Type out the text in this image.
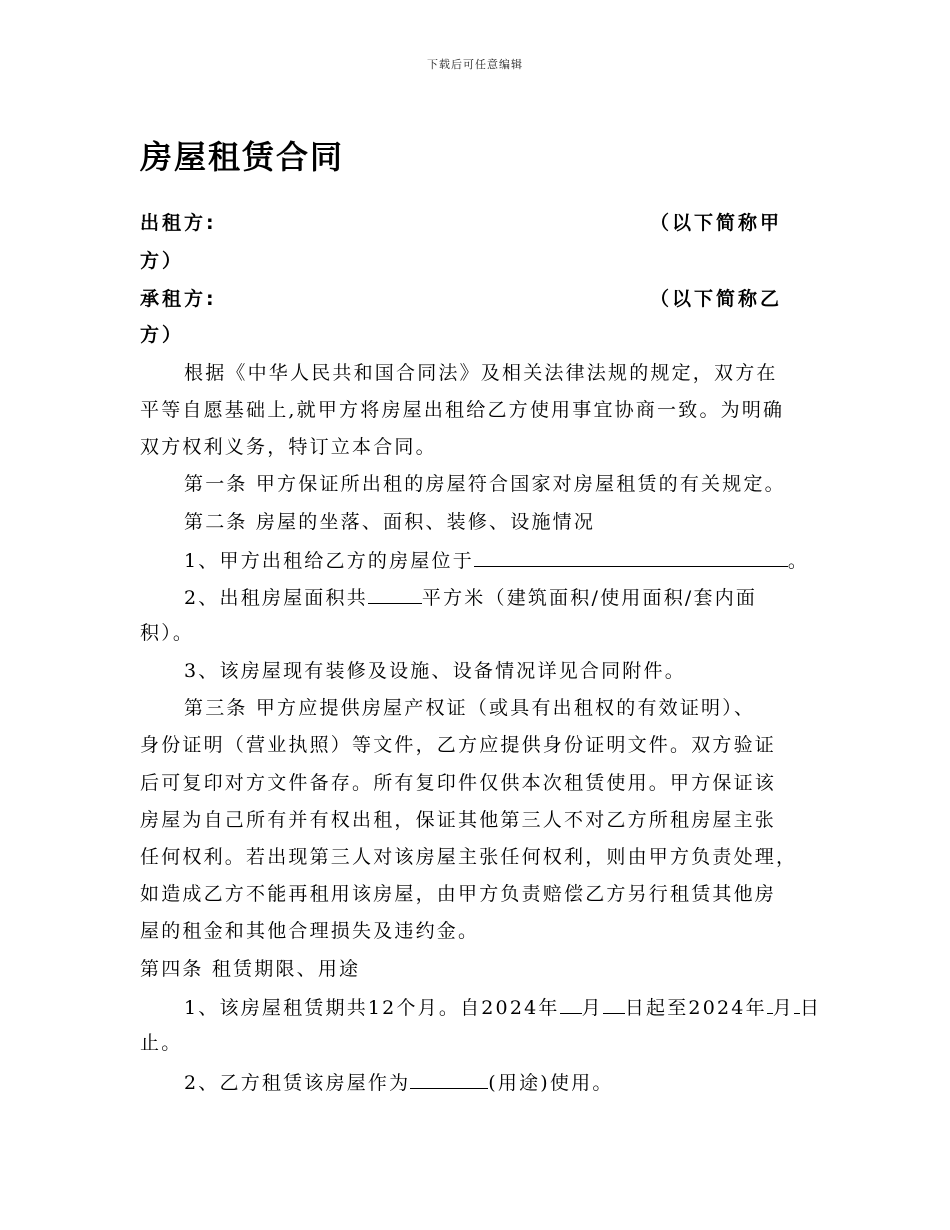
下载后可任意编辑
房屋租赁合同
出租方:	（以下简称甲
方）
承租方:	（以下简称乙
方）
根据《中华人民共和国合同法》及相关法律法规的规定，双方在
平等自愿基础上,就甲方将房屋出租给乙方使用事宜协商一致。为明确
双方权利义务，特订立本合同。
第一条 甲方保证所出租的房屋符合国家对房屋租赁的有关规定。
第二条 房屋的坐落、面积、装修、设施情况
1、甲方出租给乙方的房屋位于	。
2、出租房屋面积共	平方米（建筑面积/使用面积/套内面
积）。
3、该房屋现有装修及设施、设备情况详见合同附件。
第三条 甲方应提供房屋产权证（或具有出租权的有效证明）、
身份证明（营业执照）等文件，乙方应提供身份证明文件。双方验证
后可复印对方文件备存。所有复印件仅供本次租赁使用。甲方保证该
房屋为自己所有并有权出租，保证其他第三人不对乙方所租房屋主张
任何权利。若出现第三人对该房屋主张任何权利，则由甲方负责处理，
如造成乙方不能再租用该房屋，由甲方负责赔偿乙方另行租赁其他房
屋的租金和其他合理损失及违约金。
第四条 租赁期限、用途
1、该房屋租赁期共12个月。自2024年 月 日起至2024年 月 日
止。
2、乙方租赁该房屋作为	(用途)使用。
